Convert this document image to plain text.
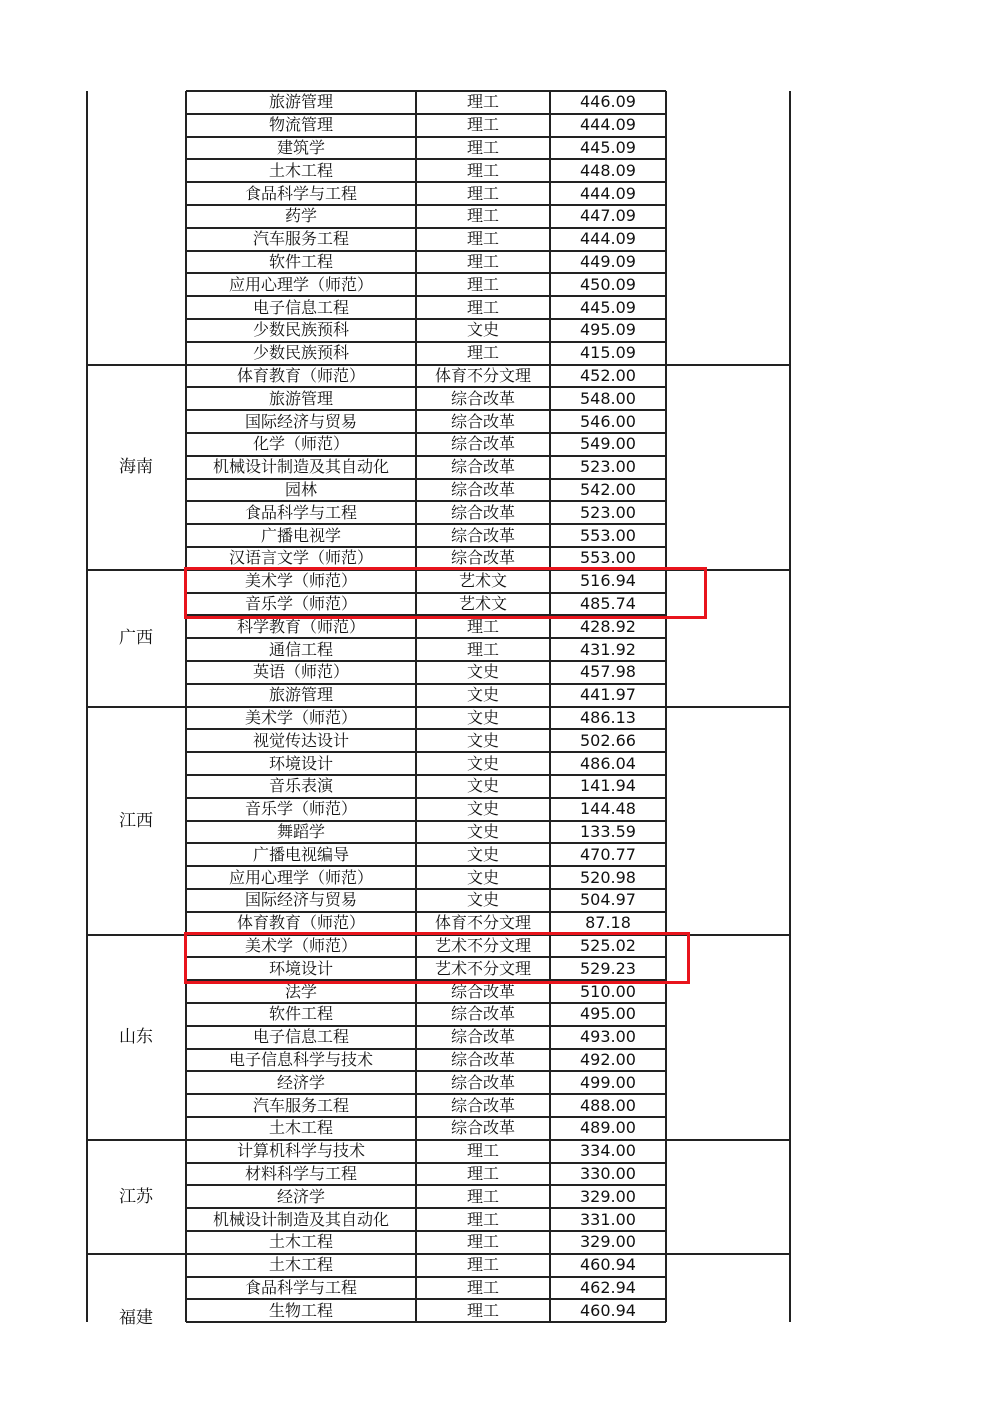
旅游管理	理工	446.09
物流管理	理工	444.09
建筑学	理工	445.09
土木工程	理工	448.09
食品科学与工程	理工	444.09
药学	理工	447.09
汽车服务工程	理工	444.09
软件工程	理工	449.09
应用心理学（师范）	理工	450.09
电子信息工程	理工	445.09
少数民族预科	文史	495.09
少数民族预科	理工	415.09
体育教育（师范）	体育不分文理	452.00
旅游管理	综合改革	548.00
国际经济与贸易	综合改革	546.00
化学（师范）	综合改革	549.00
机械设计制造及其自动化	综合改革	523.00
园林	综合改革	542.00
食品科学与工程	综合改革	523.00
广播电视学	综合改革	553.00
汉语言文学（师范）	综合改革	553.00
海南
美术学（师范）	艺术文	516.94
音乐学（师范）	艺术文	485.74
科学教育（师范）	理工	428.92
通信工程	理工	431.92
英语（师范）	文史	457.98
旅游管理	文史	441.97
广西
美术学（师范）	文史	486.13
视觉传达设计	文史	502.66
环境设计	文史	486.04
音乐表演	文史	141.94
音乐学（师范）	文史	144.48
舞蹈学	文史	133.59
广播电视编导	文史	470.77
应用心理学（师范）	文史	520.98
国际经济与贸易	文史	504.97
体育教育（师范）	体育不分文理	87.18
江西
美术学（师范）	艺术不分文理	525.02
环境设计	艺术不分文理	529.23
法学	综合改革	510.00
软件工程	综合改革	495.00
电子信息工程	综合改革	493.00
电子信息科学与技术	综合改革	492.00
经济学	综合改革	499.00
汽车服务工程	综合改革	488.00
土木工程	综合改革	489.00
山东
计算机科学与技术	理工	334.00
材料科学与工程	理工	330.00
经济学	理工	329.00
机械设计制造及其自动化	理工	331.00
土木工程	理工	329.00
江苏
土木工程	理工	460.94
食品科学与工程	理工	462.94
生物工程	理工	460.94
福建
